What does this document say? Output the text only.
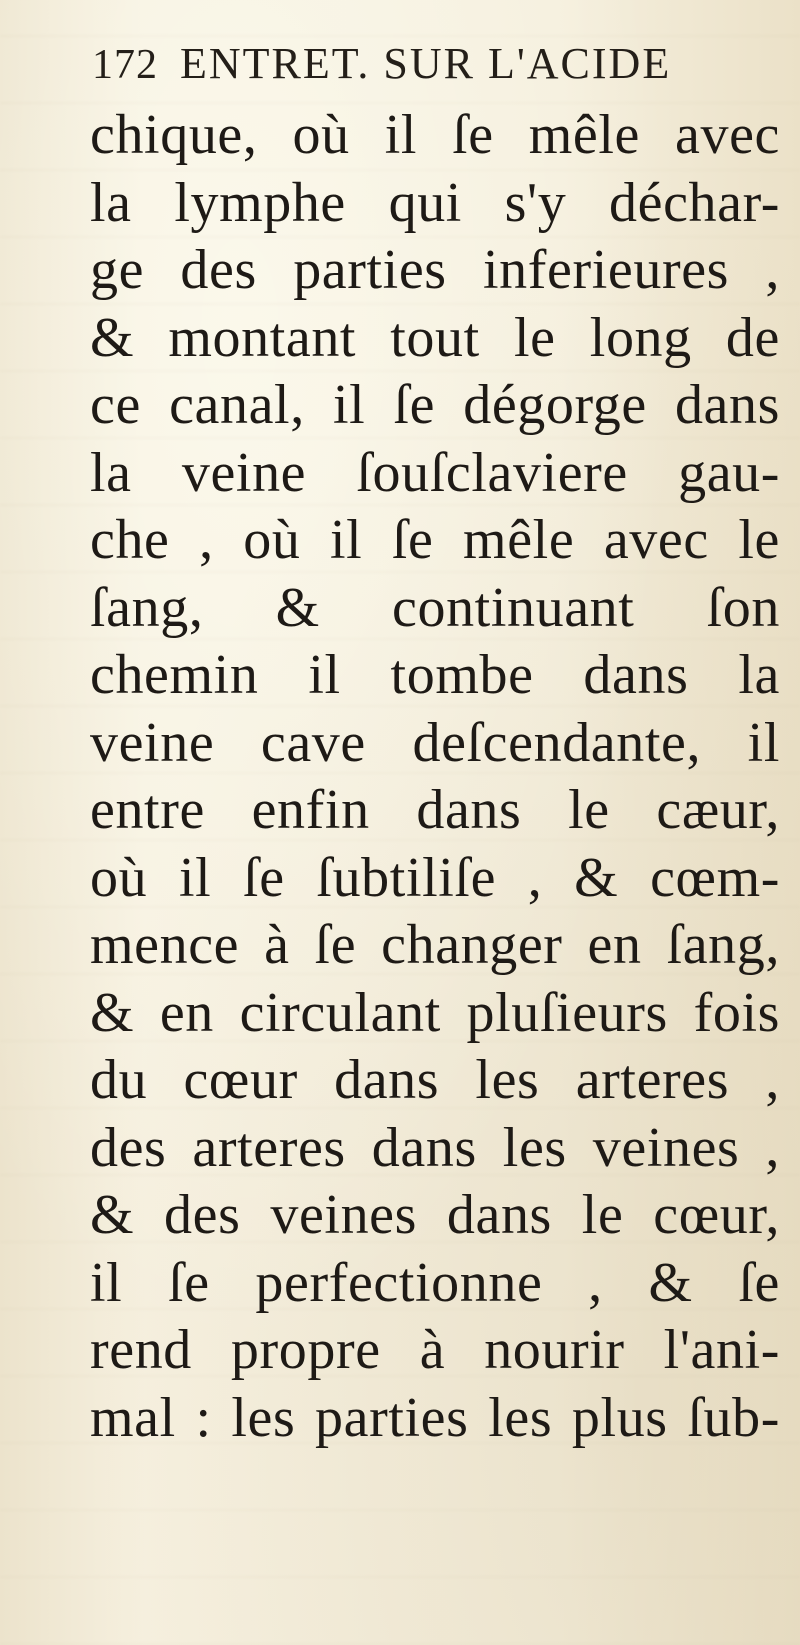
172 ENTRET. SUR L'ACIDE
chique, où il ſe mêle avec
la lymphe qui s'y déchar-
ge des parties inferieures ,
& montant tout le long de
ce canal, il ſe dégorge dans
la veine ſouſclaviere gau-
che , où il ſe mêle avec le
ſang, & continuant ſon
chemin il tombe dans la
veine cave deſcendante, il
entre enfin dans le cæur,
où il ſe ſubtiliſe , & cœm-
mence à ſe changer en ſang,
& en circulant pluſieurs fois
du cœur dans les arteres ,
des arteres dans les veines ,
& des veines dans le cœur,
il ſe perfectionne , & ſe
rend propre à nourir l'ani-
mal : les parties les plus ſub-
